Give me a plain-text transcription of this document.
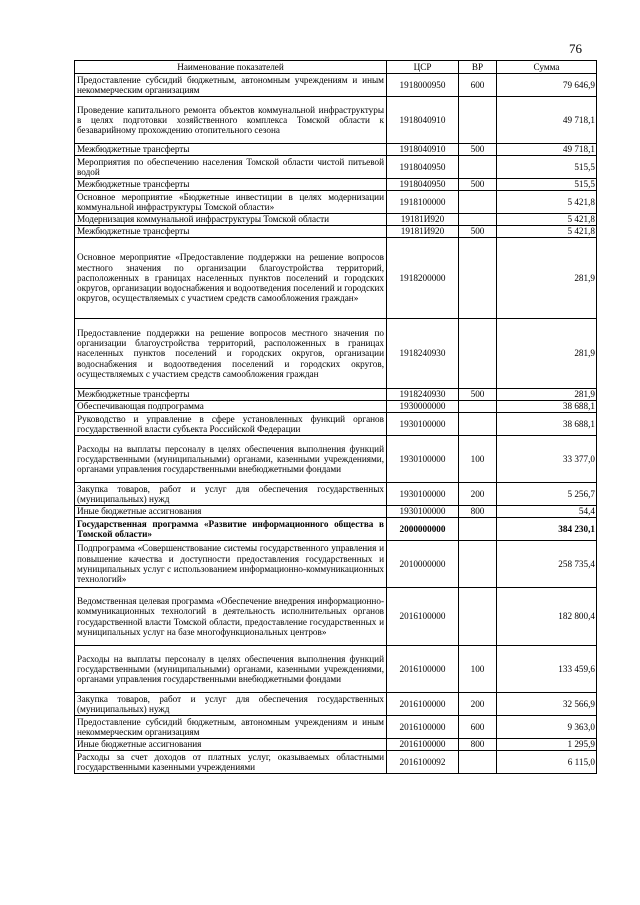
76
Наименование показателей	ЦСР	ВР	Сумма
Предоставление субсидий бюджетным, автономным учреждениям и иным некоммерческим организациям	1918000950	600	79 646,9
Проведение капитального ремонта объектов коммунальной инфраструктуры в целях подготовки хозяйственного комплекса Томской области к безаварийному прохождению отопительного сезона	1918040910		49 718,1
Межбюджетные трансферты	1918040910	500	49 718,1
Мероприятия по обеспечению населения Томской области чистой питьевой водой	1918040950		515,5
Межбюджетные трансферты	1918040950	500	515,5
Основное мероприятие «Бюджетные инвестиции в целях модернизации коммунальной инфраструктуры Томской области»	1918100000		5 421,8
Модернизация коммунальной инфраструктуры Томской области	19181И920		5 421,8
Межбюджетные трансферты	19181И920	500	5 421,8
Основное мероприятие «Предоставление поддержки на решение вопросов местного значения по организации благоустройства территорий, расположенных в границах населенных пунктов поселений и городских округов, организации водоснабжения и водоотведения поселений и городских округов, осуществляемых с участием средств самообложения граждан»	1918200000		281,9
Предоставление поддержки на решение вопросов местного значения по организации благоустройства территорий, расположенных в границах населенных пунктов поселений и городских округов, организации водоснабжения и водоотведения поселений и городских округов, осуществляемых с участием средств самообложения граждан	1918240930		281,9
Межбюджетные трансферты	1918240930	500	281,9
Обеспечивающая подпрограмма	1930000000		38 688,1
Руководство и управление в сфере установленных функций органов государственной власти субъекта Российской Федерации	1930100000		38 688,1
Расходы на выплаты персоналу в целях обеспечения выполнения функций государственными (муниципальными) органами, казенными учреждениями, органами управления государственными внебюджетными фондами	1930100000	100	33 377,0
Закупка товаров, работ и услуг для обеспечения государственных (муниципальных) нужд	1930100000	200	5 256,7
Иные бюджетные ассигнования	1930100000	800	54,4
Государственная программа «Развитие информационного общества в Томской области»	2000000000		384 230,1
Подпрограмма «Совершенствование системы государственного управления и повышение качества и доступности предоставления государственных и муниципальных услуг с использованием информационно-коммуникационных технологий»	2010000000		258 735,4
Ведомственная целевая программа «Обеспечение внедрения информационно-коммуникационных технологий в деятельность исполнительных органов государственной власти Томской области, предоставление государственных и муниципальных услуг на базе многофункциональных центров»	2016100000		182 800,4
Расходы на выплаты персоналу в целях обеспечения выполнения функций государственными (муниципальными) органами, казенными учреждениями, органами управления государственными внебюджетными фондами	2016100000	100	133 459,6
Закупка товаров, работ и услуг для обеспечения государственных (муниципальных) нужд	2016100000	200	32 566,9
Предоставление субсидий бюджетным, автономным учреждениям и иным некоммерческим организациям	2016100000	600	9 363,0
Иные бюджетные ассигнования	2016100000	800	1 295,9
Расходы за счет доходов от платных услуг, оказываемых областными государственными казенными учреждениями	2016100092		6 115,0
